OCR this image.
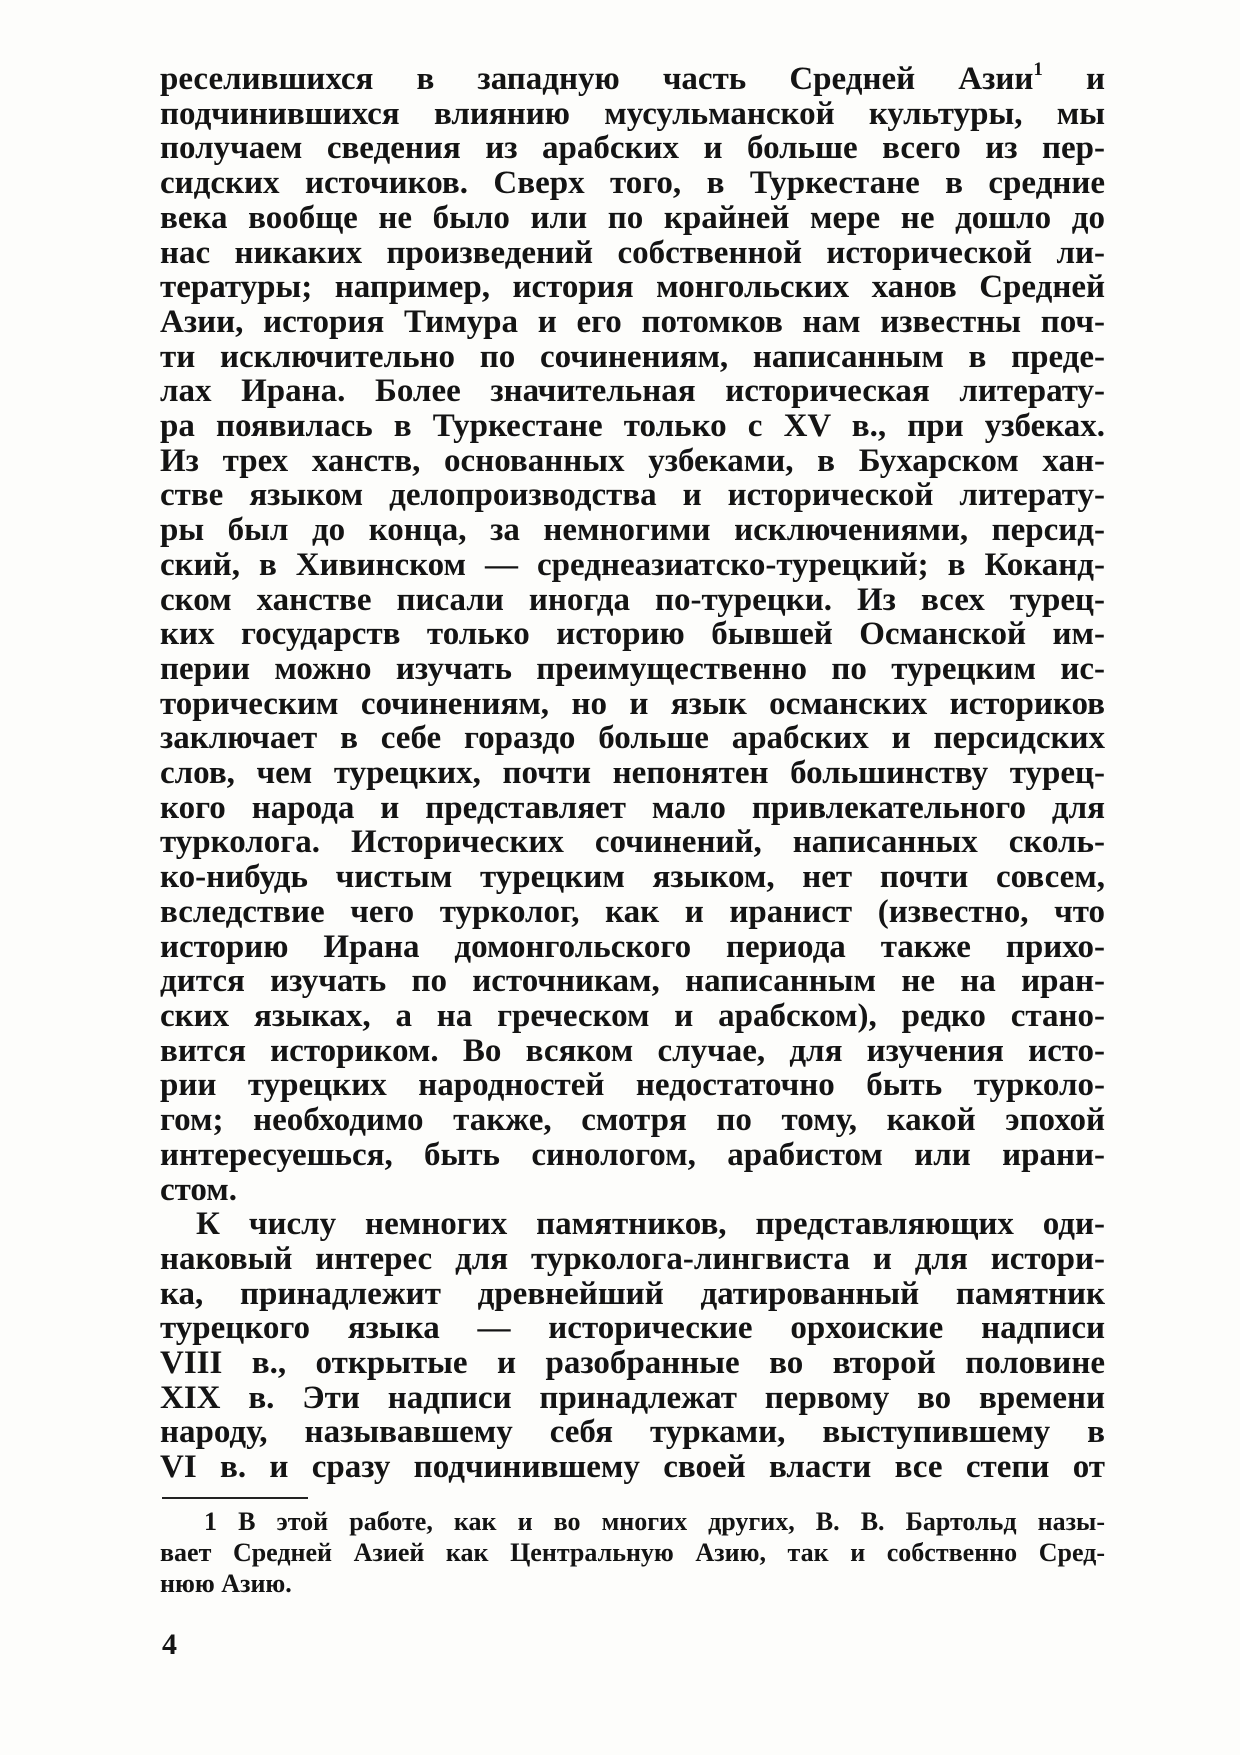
реселившихся в западную часть Средней Азии$^1$ и
подчинившихся влиянию мусульманской культуры, мы
получаем сведения из арабских и больше всего из пер-
сидских источиков. Сверх того, в Туркестане в средние
века вообще не было или по крайней мере не дошло до
нас никаких произведений собственной исторической ли-
тературы; например, история монгольских ханов Средней
Азии, история Тимура и его потомков нам известны поч-
ти исключительно по сочинениям, написанным в преде-
лах Ирана. Более значительная историческая литерату-
ра появилась в Туркестане только с XV в., при узбеках.
Из трех ханств, основанных узбеками, в Бухарском хан-
стве языком делопроизводства и исторической литерату-
ры был до конца, за немногими исключениями, персид-
ский, в Хивинском — среднеазиатско-турецкий; в Коканд-
ском ханстве писали иногда по-турецки. Из всех турец-
ких государств только историю бывшей Османской им-
перии можно изучать преимущественно по турецким ис-
торическим сочинениям, но и язык османских историков
заключает в себе гораздо больше арабских и персидских
слов, чем турецких, почти непонятен большинству турец-
кого народа и представляет мало привлекательного для
турколога. Исторических сочинений, написанных сколь-
ко-нибудь чистым турецким языком, нет почти совсем,
вследствие чего турколог, как и иранист (известно, что
историю Ирана домонгольского периода также прихо-
дится изучать по источникам, написанным не на иран-
ских языках, а на греческом и арабском), редко стано-
вится историком. Во всяком случае, для изучения исто-
рии турецких народностей недостаточно быть турколо-
гом; необходимо также, смотря по тому, какой эпохой
интересуешься, быть синологом, арабистом или ирани-
стом.
К числу немногих памятников, представляющих оди-
наковый интерес для турколога-лингвиста и для истори-
ка, принадлежит древнейший датированный памятник
турецкого языка — исторические орхоиские надписи
VIII в., открытые и разобранные во второй половине
XIX в. Эти надписи принадлежат первому во времени
народу, называвшему себя турками, выступившему в
VI в. и сразу подчинившему своей власти все степи от
1 В этой работе, как и во многих других, В. В. Бартольд назы-
вает Средней Азией как Центральную Азию, так и собственно Сред-
нюю Азию.
4
